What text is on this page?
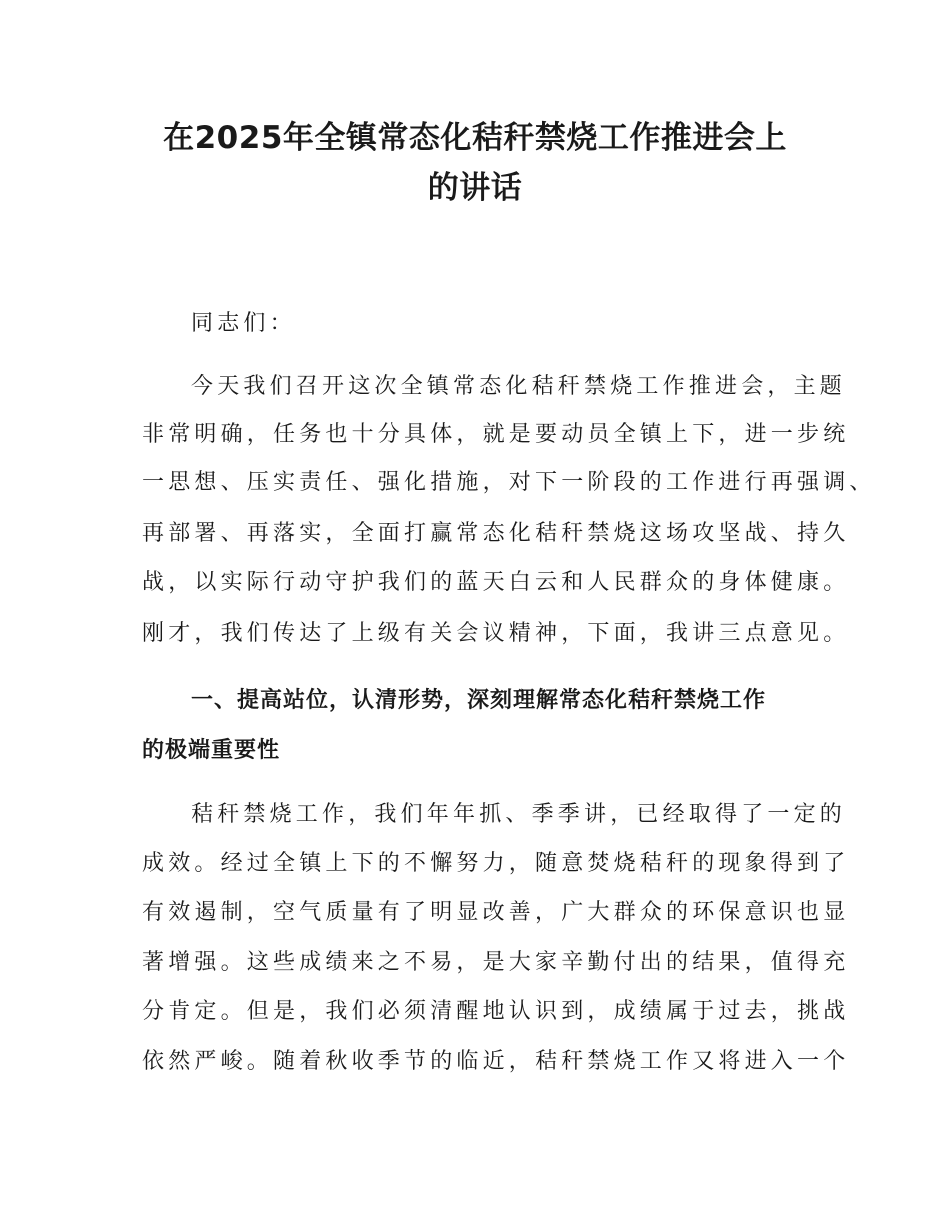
在2025年全镇常态化秸秆禁烧工作推进会上
的讲话

同志们：

今天我们召开这次全镇常态化秸秆禁烧工作推进会，主题

非常明确，任务也十分具体，就是要动员全镇上下，进一步统

一思想、压实责任、强化措施，对下一阶段的工作进行再强调、

再部署、再落实，全面打赢常态化秸秆禁烧这场攻坚战、持久

战，以实际行动守护我们的蓝天白云和人民群众的身体健康。

刚才，我们传达了上级有关会议精神，下面，我讲三点意见。

一、提高站位，认清形势，深刻理解常态化秸秆禁烧工作

的极端重要性

秸秆禁烧工作，我们年年抓、季季讲，已经取得了一定的

成效。经过全镇上下的不懈努力，随意焚烧秸秆的现象得到了

有效遏制，空气质量有了明显改善，广大群众的环保意识也显

著增强。这些成绩来之不易，是大家辛勤付出的结果，值得充

分肯定。但是，我们必须清醒地认识到，成绩属于过去，挑战

依然严峻。随着秋收季节的临近，秸秆禁烧工作又将进入一个
